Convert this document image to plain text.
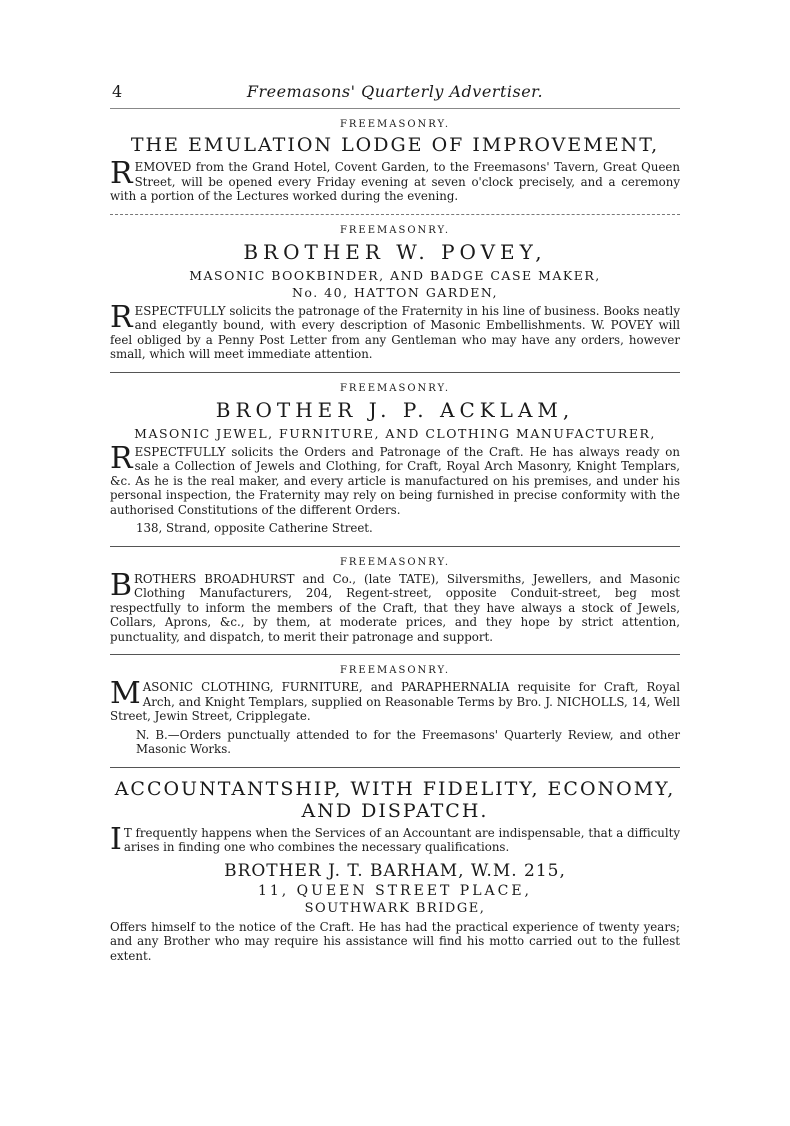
4	Freemasons' Quarterly Advertiser.
FREEMASONRY.
THE EMULATION LODGE OF IMPROVEMENT,

REMOVED from the Grand Hotel, Covent Garden, to the Freemasons' Tavern, Great Queen Street, will be opened every Friday evening at seven o'clock precisely, and a ceremony with a portion of the Lectures worked during the evening.

FREEMASONRY.
BROTHER W. POVEY,
MASONIC BOOKBINDER, AND BADGE CASE MAKER,
No. 40, HATTON GARDEN,

RESPECTFULLY solicits the patronage of the Fraternity in his line of business. Books neatly and elegantly bound, with every description of Masonic Embellishments. W. POVEY will feel obliged by a Penny Post Letter from any Gentleman who may have any orders, however small, which will meet immediate attention.

FREEMASONRY.
BROTHER J. P. ACKLAM,
MASONIC JEWEL, FURNITURE, AND CLOTHING MANUFACTURER,

RESPECTFULLY solicits the Orders and Patronage of the Craft. He has always ready on sale a Collection of Jewels and Clothing, for Craft, Royal Arch Masonry, Knight Templars, &c. As he is the real maker, and every article is manufactured on his premises, and under his personal inspection, the Fraternity may rely on being furnished in precise conformity with the authorised Constitutions of the different Orders.

138, Strand, opposite Catherine Street.

FREEMASONRY.

BROTHERS BROADHURST and Co., (late TATE), Silversmiths, Jewellers, and Masonic Clothing Manufacturers, 204, Regent-street, opposite Conduit-street, beg most respectfully to inform the members of the Craft, that they have always a stock of Jewels, Collars, Aprons, &c., by them, at moderate prices, and they hope by strict attention, punctuality, and dispatch, to merit their patronage and support.

FREEMASONRY.

MASONIC CLOTHING, FURNITURE, and PARAPHERNALIA requisite for Craft, Royal Arch, and Knight Templars, supplied on Reasonable Terms by Bro. J. NICHOLLS, 14, Well Street, Jewin Street, Cripplegate.

N. B.—Orders punctually attended to for the Freemasons' Quarterly Review, and other Masonic Works.

ACCOUNTANTSHIP, WITH FIDELITY, ECONOMY, AND DISPATCH.

I T frequently happens when the Services of an Accountant are indispensable, that a difficulty arises in finding one who combines the necessary qualifications.

BROTHER J. T. BARHAM, W.M. 215,
11, QUEEN STREET PLACE,
SOUTHWARK BRIDGE,

Offers himself to the notice of the Craft. He has had the practical experience of twenty years; and any Brother who may require his assistance will find his motto carried out to the fullest extent.
